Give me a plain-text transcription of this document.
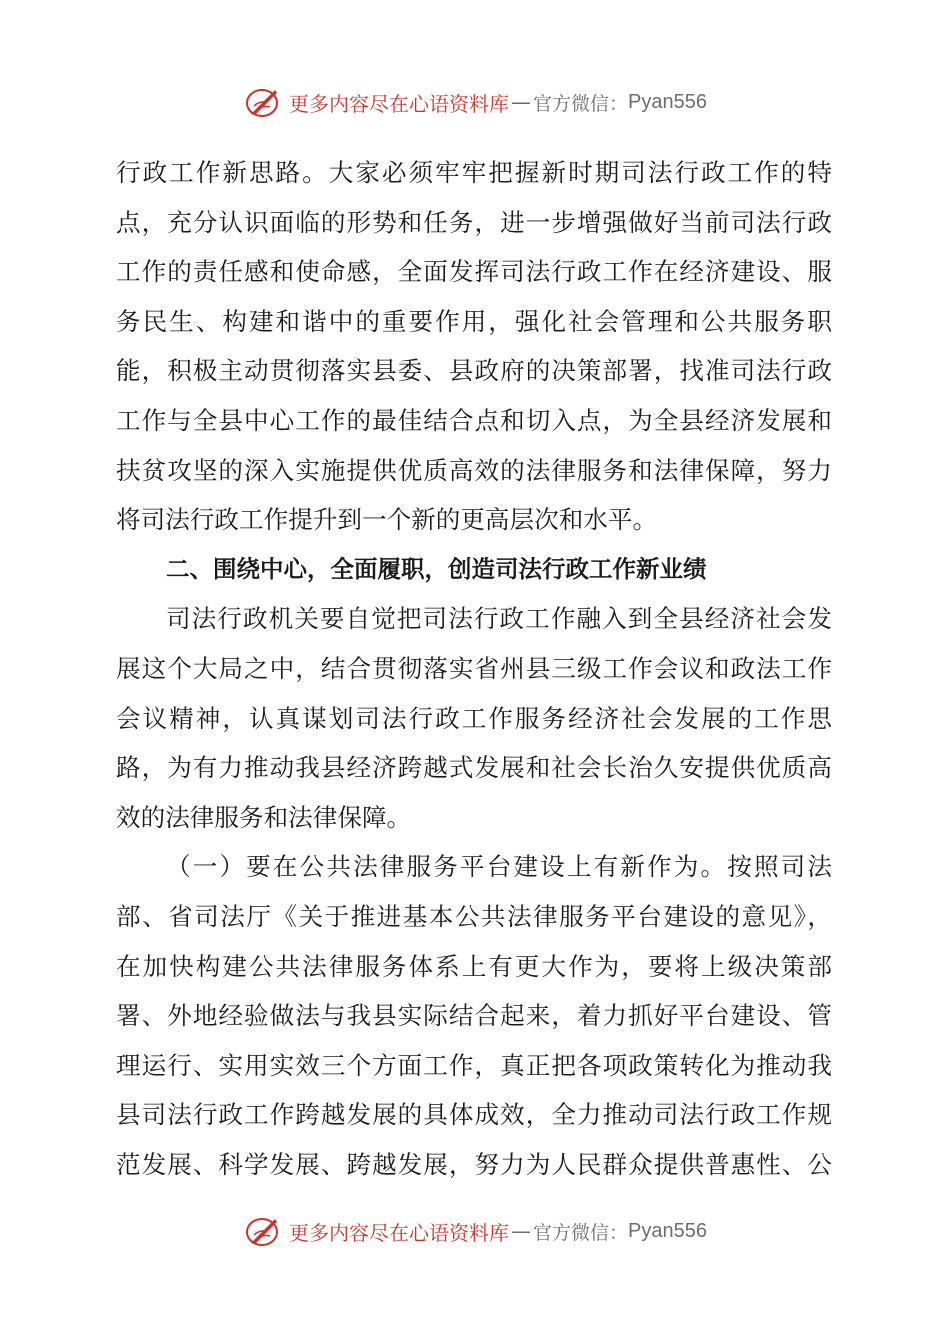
更多内容尽在心语资料库 — 官方微信： Pyan556
行政工作新思路。大家必须牢牢把握新时期司法行政工作的特
点，充分认识面临的形势和任务，进一步增强做好当前司法行政
工作的责任感和使命感，全面发挥司法行政工作在经济建设、服
务民生、构建和谐中的重要作用，强化社会管理和公共服务职
能，积极主动贯彻落实县委、县政府的决策部署，找准司法行政
工作与全县中心工作的最佳结合点和切入点，为全县经济发展和
扶贫攻坚的深入实施提供优质高效的法律服务和法律保障，努力
将司法行政工作提升到一个新的更高层次和水平。
二、围绕中心，全面履职，创造司法行政工作新业绩
司法行政机关要自觉把司法行政工作融入到全县经济社会发
展这个大局之中，结合贯彻落实省州县三级工作会议和政法工作
会议精神，认真谋划司法行政工作服务经济社会发展的工作思
路，为有力推动我县经济跨越式发展和社会长治久安提供优质高
效的法律服务和法律保障。
（一）要在公共法律服务平台建设上有新作为。按照司法
部、省司法厅《关于推进基本公共法律服务平台建设的意见》，
在加快构建公共法律服务体系上有更大作为，要将上级决策部
署、外地经验做法与我县实际结合起来，着力抓好平台建设、管
理运行、实用实效三个方面工作，真正把各项政策转化为推动我
县司法行政工作跨越发展的具体成效，全力推动司法行政工作规
范发展、科学发展、跨越发展，努力为人民群众提供普惠性、公
更多内容尽在心语资料库 — 官方微信： Pyan556
